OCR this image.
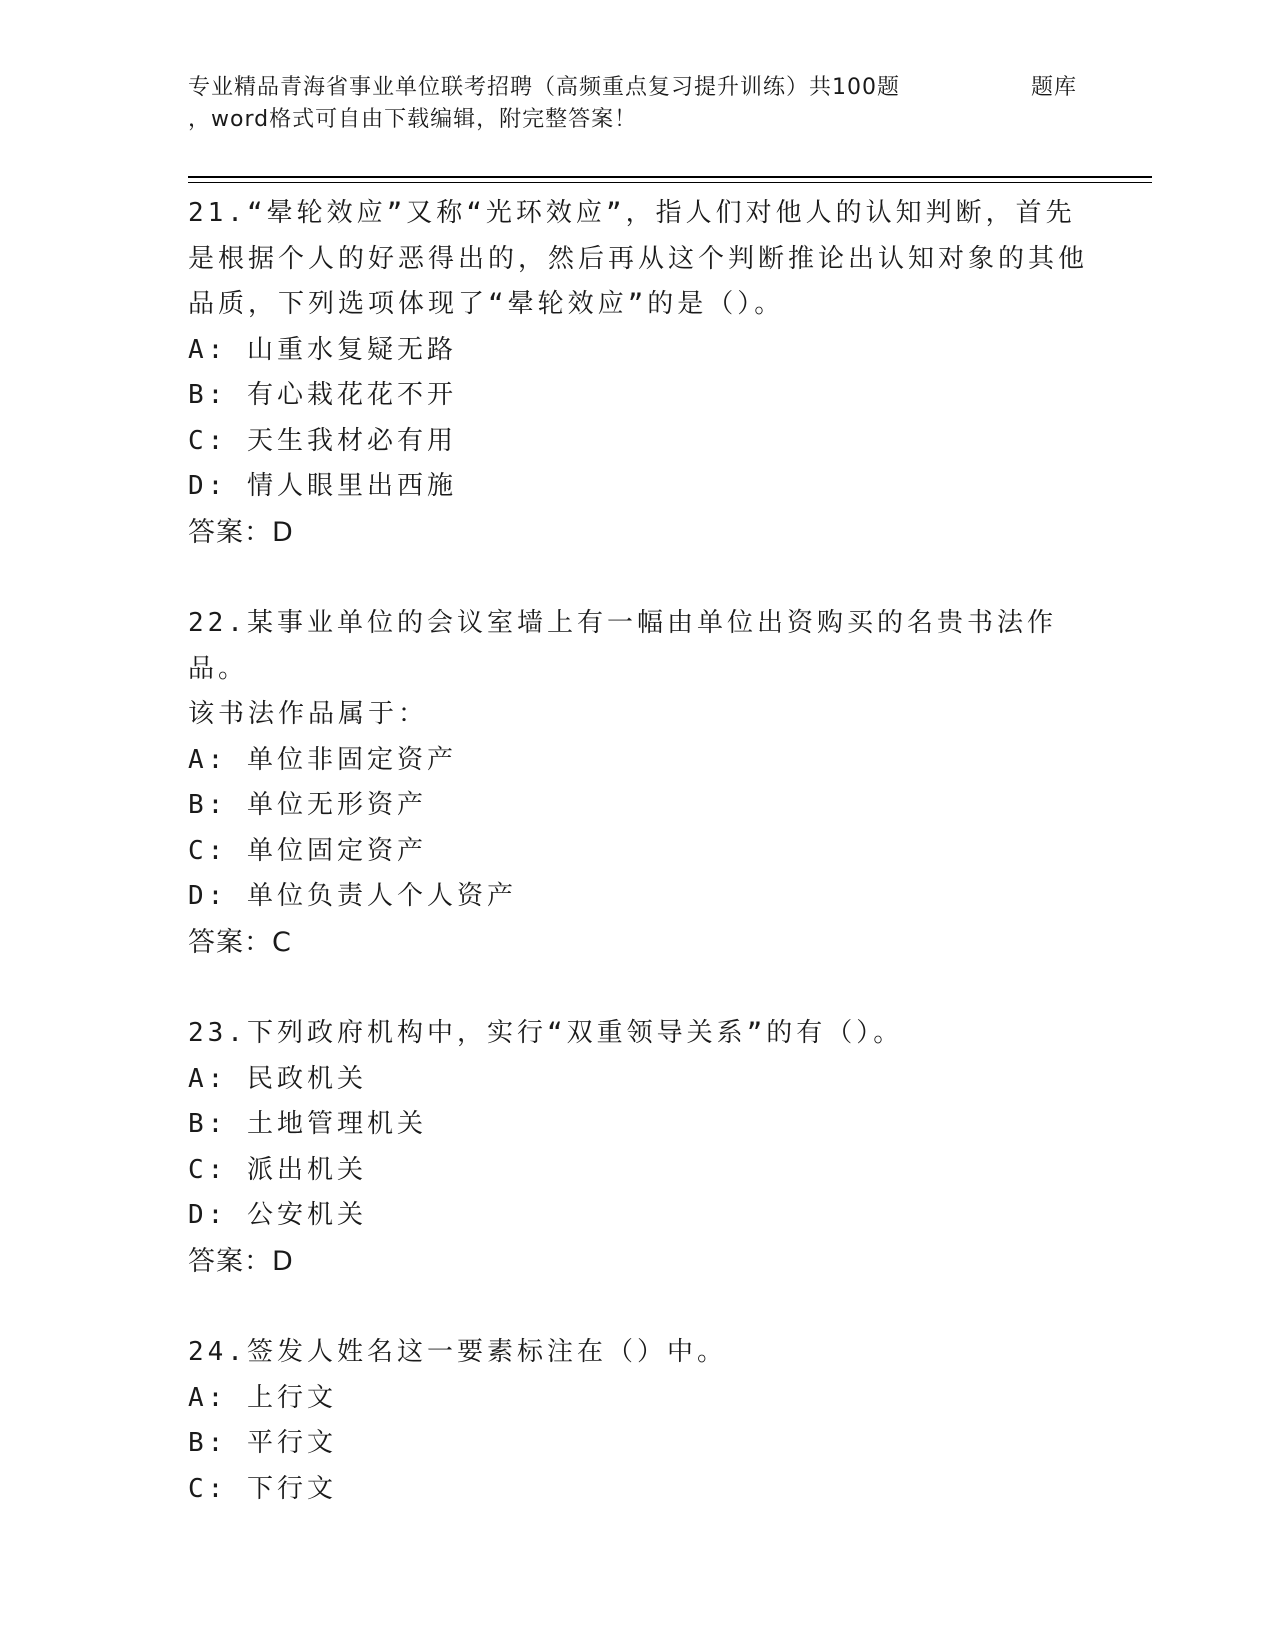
专业精品青海省事业单位联考招聘（高频重点复习提升训练）共100题
，word格式可自由下载编辑，附完整答案！
题库

21.“晕轮效应”又称“光环效应”，指人们对他人的认知判断，首先

是根据个人的好恶得出的，然后再从这个判断推论出认知对象的其他

品质，下列选项体现了“晕轮效应”的是（）。

A: 山重水复疑无路

B: 有心栽花花不开

C: 天生我材必有用

D: 情人眼里出西施

答案：D

22.某事业单位的会议室墙上有一幅由单位出资购买的名贵书法作品。

该书法作品属于：

A: 单位非固定资产

B: 单位无形资产

C: 单位固定资产

D: 单位负责人个人资产

答案：C

23.下列政府机构中，实行“双重领导关系”的有（）。

A: 民政机关

B: 土地管理机关

C: 派出机关

D: 公安机关

答案：D

24.签发人姓名这一要素标注在（）中。

A: 上行文

B: 平行文

C: 下行文
